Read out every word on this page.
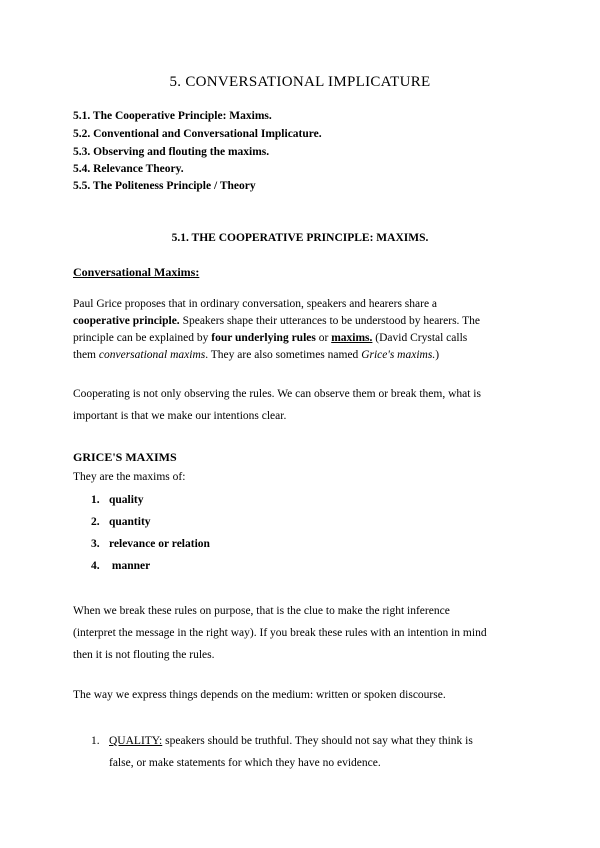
5. CONVERSATIONAL IMPLICATURE
5.1. The Cooperative Principle: Maxims.
5.2. Conventional and Conversational Implicature.
5.3. Observing and flouting the maxims.
5.4. Relevance Theory.
5.5. The Politeness Principle / Theory
5.1. THE COOPERATIVE PRINCIPLE: MAXIMS.
Conversational Maxims:

Paul Grice proposes that in ordinary conversation, speakers and hearers share a

cooperative principle. Speakers shape their utterances to be understood by hearers. The

principle can be explained by four underlying rules or maxims. (David Crystal calls

them conversational maxims. They are also sometimes named Grice's maxims.)

Cooperating is not only observing the rules. We can observe them or break them, what is

important is that we make our intentions clear.

GRICE'S MAXIMS
They are the maxims of:
1. quality
2. quantity
3. relevance or relation
4. manner

When we break these rules on purpose, that is the clue to make the right inference

(interpret the message in the right way). If you break these rules with an intention in mind

then it is not flouting the rules.

The way we express things depends on the medium: written or spoken discourse.

1. QUALITY: speakers should be truthful. They should not say what they think is

false, or make statements for which they have no evidence.
